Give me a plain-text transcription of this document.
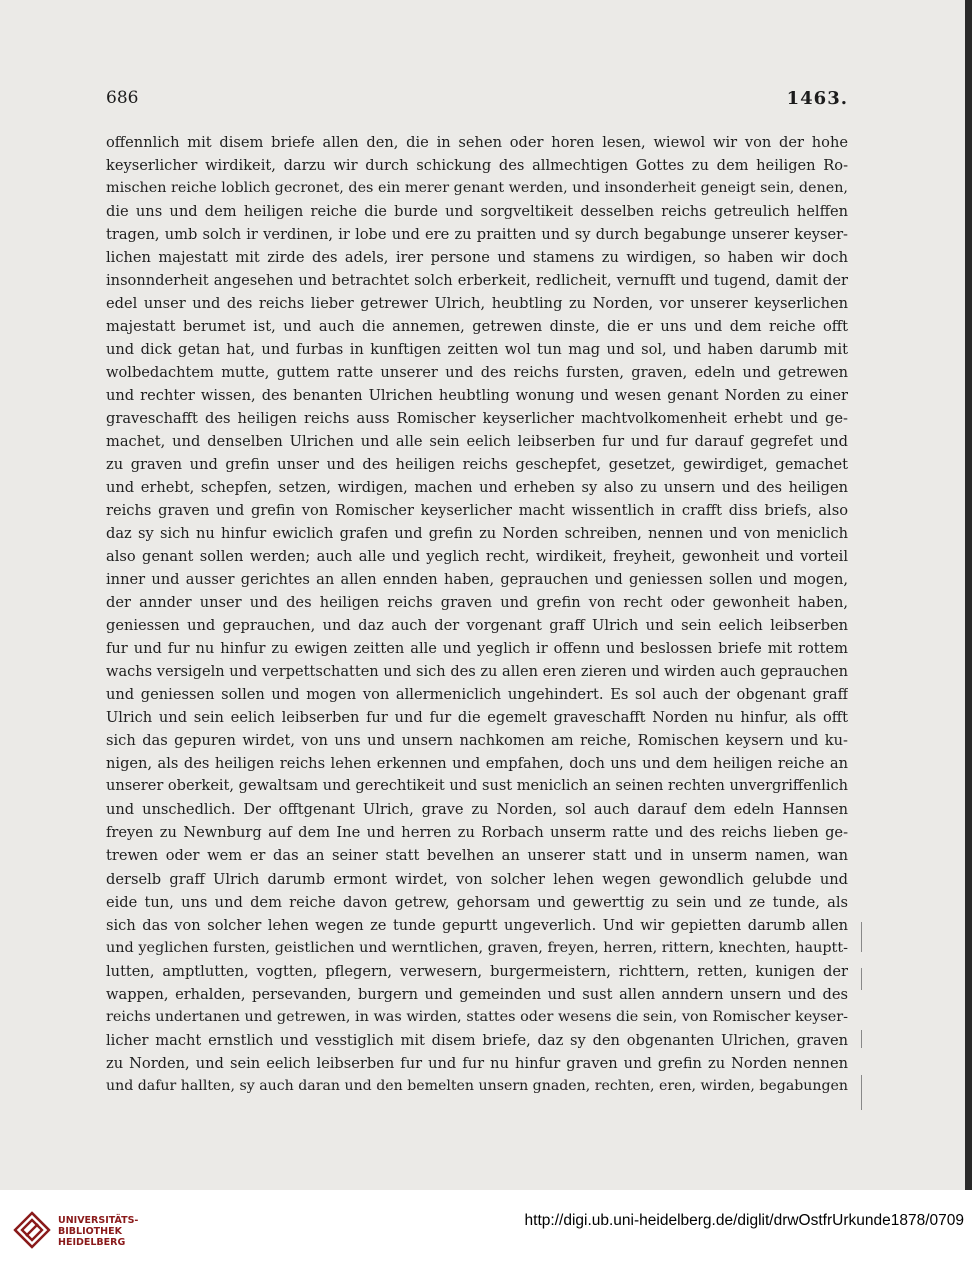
686	1463.
offennlich mit disem briefe allen den, die in sehen oder horen lesen, wiewol wir von der hohe
keyserlicher wirdikeit, darzu wir durch schickung des allmechtigen Gottes zu dem heiligen Ro-
mischen reiche loblich gecronet, des ein merer genant werden, und insonderheit geneigt sein, denen,
die uns und dem heiligen reiche die burde und sorgveltikeit desselben reichs getreulich helffen
tragen, umb solch ir verdinen, ir lobe und ere zu praitten und sy durch begabunge unserer keyser-
lichen majestatt mit zirde des adels, irer persone und stamens zu wirdigen, so haben wir doch
insonnderheit angesehen und betrachtet solch erberkeit, redlicheit, vernufft und tugend, damit der
edel unser und des reichs lieber getrewer Ulrich, heubtling zu Norden, vor unserer keyserlichen
majestatt berumet ist, und auch die annemen, getrewen dinste, die er uns und dem reiche offt
und dick getan hat, und furbas in kunftigen zeitten wol tun mag und sol, und haben darumb mit
wolbedachtem mutte, guttem ratte unserer und des reichs fursten, graven, edeln und getrewen
und rechter wissen, des benanten Ulrichen heubtling wonung und wesen genant Norden zu einer
graveschafft des heiligen reichs auss Romischer keyserlicher machtvolkomenheit erhebt und ge-
machet, und denselben Ulrichen und alle sein eelich leibserben fur und fur darauf gegrefet und
zu graven und grefin unser und des heiligen reichs geschepfet, gesetzet, gewirdiget, gemachet
und erhebt, schepfen, setzen, wirdigen, machen und erheben sy also zu unsern und des heiligen
reichs graven und grefin von Romischer keyserlicher macht wissentlich in crafft diss briefs, also
daz sy sich nu hinfur ewiclich grafen und grefin zu Norden schreiben, nennen und von meniclich
also genant sollen werden; auch alle und yeglich recht, wirdikeit, freyheit, gewonheit und vorteil
inner und ausser gerichtes an allen ennden haben, geprauchen und geniessen sollen und mogen,
der annder unser und des heiligen reichs graven und grefin von recht oder gewonheit haben,
geniessen und geprauchen, und daz auch der vorgenant graff Ulrich und sein eelich leibserben
fur und fur nu hinfur zu ewigen zeitten alle und yeglich ir offenn und beslossen briefe mit rottem
wachs versigeln und verpettschatten und sich des zu allen eren zieren und wirden auch geprauchen
und geniessen sollen und mogen von allermeniclich ungehindert. Es sol auch der obgenant graff
Ulrich und sein eelich leibserben fur und fur die egemelt graveschafft Norden nu hinfur, als offt
sich das gepuren wirdet, von uns und unsern nachkomen am reiche, Romischen keysern und ku-
nigen, als des heiligen reichs lehen erkennen und empfahen, doch uns und dem heiligen reiche an
unserer oberkeit, gewaltsam und gerechtikeit und sust meniclich an seinen rechten unvergriffenlich
und unschedlich. Der offtgenant Ulrich, grave zu Norden, sol auch darauf dem edeln Hannsen
freyen zu Newnburg auf dem Ine und herren zu Rorbach unserm ratte und des reichs lieben ge-
trewen oder wem er das an seiner statt bevelhen an unserer statt und in unserm namen, wan
derselb graff Ulrich darumb ermont wirdet, von solcher lehen wegen gewondlich gelubde und
eide tun, uns und dem reiche davon getrew, gehorsam und gewerttig zu sein und ze tunde, als
sich das von solcher lehen wegen ze tunde gepurtt ungeverlich. Und wir gepietten darumb allen
und yeglichen fursten, geistlichen und werntlichen, graven, freyen, herren, rittern, knechten, hauptt-
lutten, amptlutten, vogtten, pflegern, verwesern, burgermeistern, richttern, retten, kunigen der
wappen, erhalden, persevanden, burgern und gemeinden und sust allen anndern unsern und des
reichs undertanen und getrewen, in was wirden, stattes oder wesens die sein, von Romischer keyser-
licher macht ernstlich und vesstiglich mit disem briefe, daz sy den obgenanten Ulrichen, graven
zu Norden, und sein eelich leibserben fur und fur nu hinfur graven und grefin zu Norden nennen
und dafur hallten, sy auch daran und den bemelten unsern gnaden, rechten, eren, wirden, begabungen
UNIVERSITÄTS-
BIBLIOTHEK
HEIDELBERG
http://digi.ub.uni-heidelberg.de/diglit/drwOstfrUrkunde1878/0709
